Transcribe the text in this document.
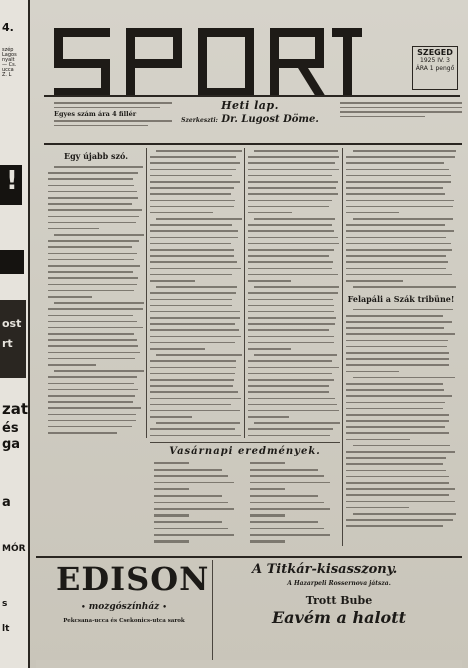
4.
szép
Lagos
nyalt
— Cs.
ucca
Z. L
!
ost
rt
zat
és
ga
a
MÓR
s
lt
SZEGED
1925 IV. 3
ÁRA 1 pengő
Egyes szám ára 4 fillér
Heti lap.
Szerkeszti: Dr. Lugost Döme.
Egy újabb szó.
Felapáli a Szák tribüne!
Vasárnapi eredmények.
EDISON
• mozgószínház •
Pekcsana-ucca és Csekonics-utca sarok
A Titkár-kisasszony.
A Hazarpeli Rossernova játsza.
Trott Bube
Eavém a halott
